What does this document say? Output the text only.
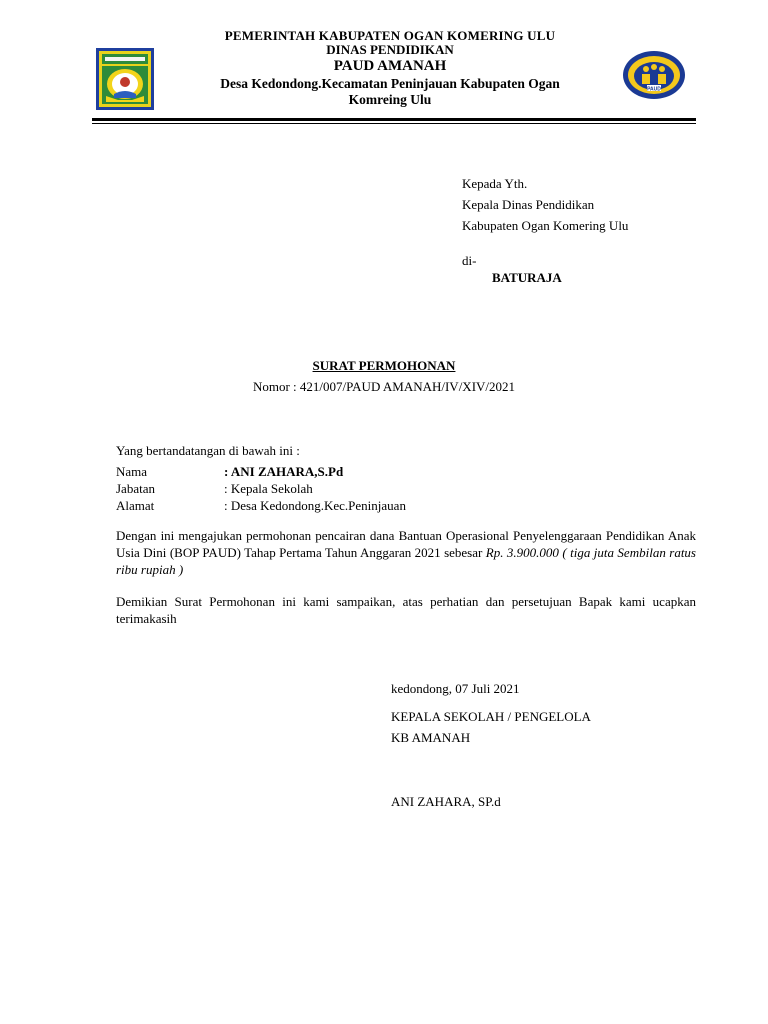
PEMERINTAH KABUPATEN OGAN KOMERING ULU
DINAS PENDIDIKAN
PAUD AMANAH
Desa Kedondong.Kecamatan Peninjauan Kabupaten Ogan
Komreing Ulu
PAUD
Kepada Yth.
Kepala Dinas Pendidikan
Kabupaten Ogan Komering Ulu
di-
BATURAJA
SURAT PERMOHONAN
Nomor : 421/007/PAUD AMANAH/IV/XIV/2021
Yang bertandatangan di bawah ini :
Nama	: ANI ZAHARA,S.Pd
Jabatan	: Kepala Sekolah
Alamat	: Desa Kedondong.Kec.Peninjauan
Dengan ini mengajukan permohonan pencairan dana Bantuan Operasional Penyelenggaraan Pendidikan Anak Usia Dini (BOP PAUD) Tahap Pertama Tahun Anggaran 2021 sebesar Rp. 3.900.000 ( tiga juta Sembilan ratus ribu rupiah )
Demikian Surat Permohonan ini kami sampaikan, atas perhatian dan persetujuan Bapak kami ucapkan terimakasih
kedondong, 07 Juli 2021
KEPALA SEKOLAH / PENGELOLA
KB AMANAH
ANI ZAHARA, SP.d
